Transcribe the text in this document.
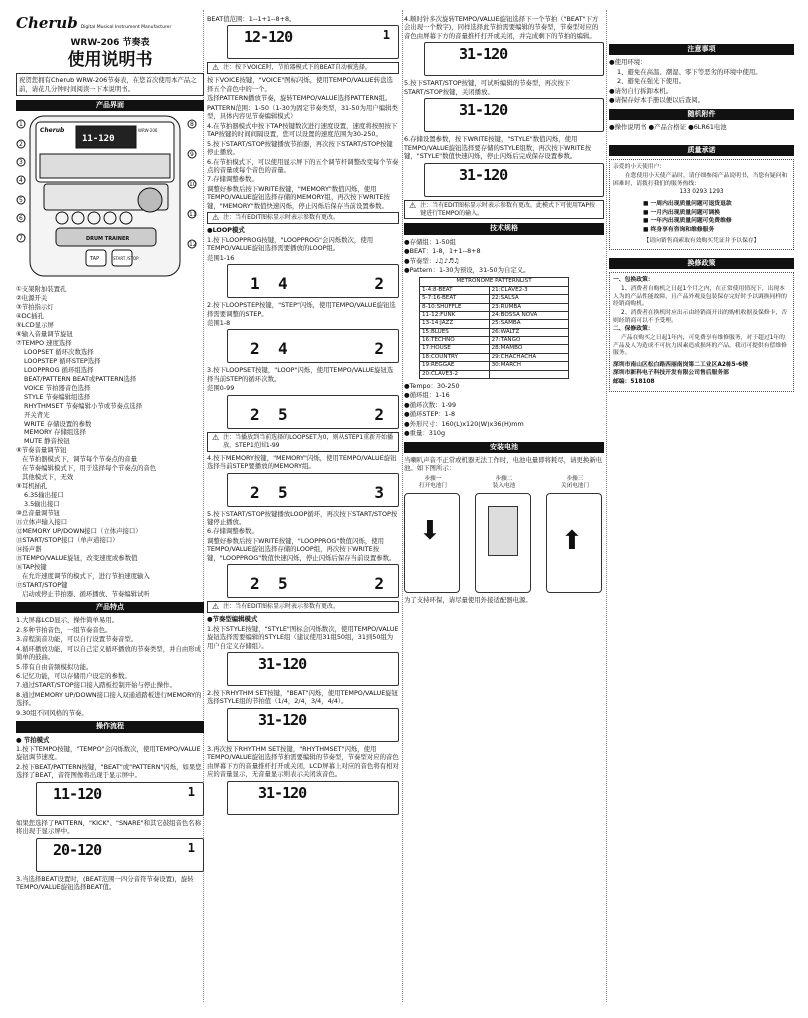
Cherub Digital Musical Instrument Manufacturer
WRW-206 节奏表
使用说明书

祝贺您拥有Cherub WRW-206节奏表，在您首次使用本产品之前，请花几分钟时间阅读一下本说明书。

产品界面
11-120
Cherub	WRW-206
DRUM TRAINER
TAP	START /STOP
1
2
3
4
5
6
7
8
9
10
11
12
①支架附加装置孔
②电源开关
③节拍指示灯
④DC插孔
⑤LCD显示屏
⑥输入音量调节旋钮
⑦TEMPO 速度选择
LOOPSET 循环次数选择
LOOPSTEP 循环STEP选择
LOOPPROG 循环组选择
BEAT/PATTERN BEAT或PATTERN选择
VOICE 节拍器音色选择
STYLE 节奏编辑组选择
RHYTHMSET 节奏编辑小节或节奏点选择
开关背光
WRITE 存储设置的参数
MEMORY 存储组选择
MUTE 静音按钮
⑧节奏音量调节钮
在节拍器模式下，调节每个节奏点的音量
在节奏编辑模式下，用于选择每个节奏点的音色
其他模式下，无效
⑨耳机插孔
6.35输出接口
3.5输出接口
⑩总音量调节钮
⑪立体声输入接口
⑫MEMORY UP/DOWN接口（立体声接口）
⑬START/STOP接口（单声道接口）
⑭扬声器
⑮TEMPO/VALUE旋钮，改变速度或参数值
⑯TAP按键
在允许速度调节的模式下，进行节拍速度输入
⑰START/STOP键
启动或停止节拍器、循环播放、节奏编辑试听
产品特点

1.大屏幕LCD显示，操作简单易用。

2.多种节拍音色，一组节奏音色。

3.音程演音功能，可以自行设置节奏音型。

4.循环播放功能，可以自己定义循环播放的节奏类型，并自由形成简单的鼓曲。

5.带有自由音频模拟功能。

6.记忆功能，可以存储用户设定的参数。

7.通过START/STOP接口接入踏板控制开始与停止操作。

8.通过MEMORY UP/DOWN接口接入双通道踏板进行MEMORY的选择。

9.30组不同风格的节奏。

操作流程

● 节拍模式

1.按下TEMPO按键，"TEMPO"会闪烁数次，使用TEMPO/VALUE旋钮调节速度。

2.按下BEAT/PATTERN按键，"BEAT"或"PATTERN"闪烁，如果您选择了BEAT，音符图像将出现于显示屏中。

11-120	1

如果您选择了PATTERN，"KICK"、"SNARE"和其它鼓组音色名称将出现于显示屏中。

20-120	1

3.当选择BEAT设置时，(BEAT范围一四分音符节奏设置)，旋转TEMPO/VALUE旋钮选择BEAT值。

BEAT值范围：1--1+1--8+8。

12-120	1
⚠ 注：按下VOICE时，节拍器模式下的BEAT自动被选择。

按下VOICE按键，"VOICE"图标闪烁，使用TEMPO/VALUE转盘选择五个音色中的一个。

选择PATTERN播放节奏，旋转TEMPO/VALUE选择PATTERN组。

PATTERN范围：1-50（1-30为固定节奏类型，31-50为用户编辑类型，具体内容见节奏编辑模式）

4.在节拍器模式中按下TAP按键数次进行速度设置，速度将按照按下TAP按键的时间间隔设置，您可以设置的速度范围为30-250。

5.按下START/STOP按键播放节拍器，再次按下START/STOP按键停止播放。

6.在节拍模式下，可以使用显示屏下的五个调节杆调整改变每个节奏点的音量或每个音色的音量。

7.存储调整参数。

调整好参数后按下WRITE按键，"MEMORY"数值闪烁，使用TEMPO/VALUE旋钮选择存储的MEMORY组，再次按下WRITE按键，"MEMORY"数值快速闪烁，停止闪烁后保存当前设置参数。

⚠ 注：当有EDIT图标显示时表示参数有更改。

●LOOP模式

1.按下LOOPPROG按键，"LOOPPROG"会闪烁数次，使用TEMPO/VALUE旋钮选择需要播放的LOOP组。

范围1-16

1 4	2

2.按下LOOPSTEP按键，"STEP"闪烁，使用TEMPO/VALUE旋钮选择需要调整的STEP。

范围1-8

2 4	2

3.按下LOOPSET按键，"LOOP"闪烁，使用TEMPO/VALUE旋钮选择当前STEP的循环次数。

范围0-99

2 5	2
⚠ 注：当播放到当前选择的LOOPSET为0，则从STEP1重新开始播放，STEP1范围1-99

4.按下MEMORY按键，"MEMORY"闪烁，使用TEMPO/VALUE旋钮选择当前STEP要播放的MEMORY组。

2 5	3

5.按下START/STOP按键播放LOOP循环，再次按下START/STOP按键停止播放。

6.存储调整参数。

调整好参数后按下WRITE按键，"LOOPPROG"数值闪烁，使用TEMPO/VALUE旋钮选择存储的LOOP组，再次按下WRITE按键，"LOOPPROG"数值快速闪烁，停止闪烁后保存当前设置参数。

2 5	2
⚠ 注：当有EDIT图标显示时表示参数有更改。

●节奏型编辑模式

1.按下STYLE按键，"STYLE"图标会闪烁数次，使用TEMPO/VALUE旋钮选择需要编辑的STYLE组（建议使用31组50组，31到50组为用户自定义存储组）。

31-120

2.按下RHYTHM SET按键，"BEAT"闪烁，使用TEMPO/VALUE旋钮选择STYLE组的节拍值（1/4，2/4，3/4，4/4）。

31-120

3.再次按下RHYTHM SET按键，"RHYTHMSET"闪烁，使用TEMPO/VALUE旋钮选择节拍需要编辑的节奏型，节奏型对应的音色由屏幕下方的音量推杆打开或关闭，LCD屏幕上对应的音色将有相对应的音量显示，无音量显示则表示关闭该音色。

31-120

4.顺时针多次旋转TEMPO/VALUE旋钮选择下一个节拍（"BEAT"下方会出现一个数字)，同样选择此节拍需要编辑的节奏型，节奏型对应的音色由屏幕下方的音量推杆打开或关闭，并完成剩下的节拍的编辑。

31-120

5.按下START/STOP按键，可试听编辑的节奏型，再次按下START/STOP按键，关闭播放。

31-120

6.存储设置参数，按下WRITE按键，"STYLE"数值闪烁，使用TEMPO/VALUE旋钮选择要存储的STYLE组数，再次按下WRITE按键，"STYLE"数值快速闪烁，停止闪烁后完成保存设置参数。

31-120
⚠ 注：当有EDIT图标显示时表示参数有更改。此模式下可使用TAP按键进行TEMPO的输入。
技术规格

●存储组：1-50组

●BEAT：1-8，1+1--8+8

●节奏型：♩♫♪♬♫

●Pattern：1-30为预设，31-50为自定义。

METRONOME PATTERNLIST	
1-4:8-BEAT	21:CLAVE2-3
5-7:16-BEAT	22:SALSA
8-10:SHUFFLE	23:RUMBA
11-12:FUNK	24:BOSSA NOVA
13-14:JAZZ	25:SAMBA
15:BLUES	26:WALTZ
16:TECHNO	27:TANGO
17:HOUSE	28:MAMBO
18:COUNTRY	29:CHACHACHA
19:REGGAE	30:MARCH
20:CLAVE3-2	

●Tempo：30-250

●循环组：1-16

●循环次数：1-99

●循环STEP：1-8

●外形尺寸：160(L)x120(W)x36(H)mm

●重量：310g

安装电池

当喇叭声音不正常或机器无法工作时，电池电量即将耗尽，请更换新电池。如下图所示：

步骤一
打开电池门
⬇
步骤二
装入电池
步骤三
关闭电池门
⬆

为了支持环保，请尽量使用外接适配器电源。

注意事项

●使用环境：

1、避免在高温、潮湿、零下等恶劣的环境中使用。

2、避免在强光下使用。

●请勿自行拆卸本机。

●请保存好本手册以便以后查阅。

随机附件

●操作说明书 ●产品合格证 ●6LR61电池

质量承诺

亲爱的小天使用户：

在您使用小天使产品时，请仔细参阅产品说明书，当您有疑问和困难时，请拨打我们的服务热线：

133 0293 1293

■ 一周内出现质量问题可退货退款

■ 一月内出现质量问题可调换

■ 一年内出现质量问题可免费维修

■ 终身享有咨询和维修服务

【请向销售商索取有效购买凭证并予以保存】

换修政策

一、包换政策：

1、消费者自购机之日起1个月之内，在正常使用情况下，出现本人为的产品性能故障，且产品外观及包装保存完好时予以调换同样的经销商购机。

2、消费者在换机时应出示由经销商开出的购机收据及保修卡，否则经销商可以不予受理。

二、保修政策：

产品在购买之日起1年内，可免费享有维修服务，对于超过1年的产品及人为造成不可抗力因素造成损坏的产品，我司可提供有偿维修服务。

深圳市南山区松白路西丽南岗第二工业区A2栋5-6楼

深圳市新科电子科技开发有限公司售后服务部

邮编：518108
